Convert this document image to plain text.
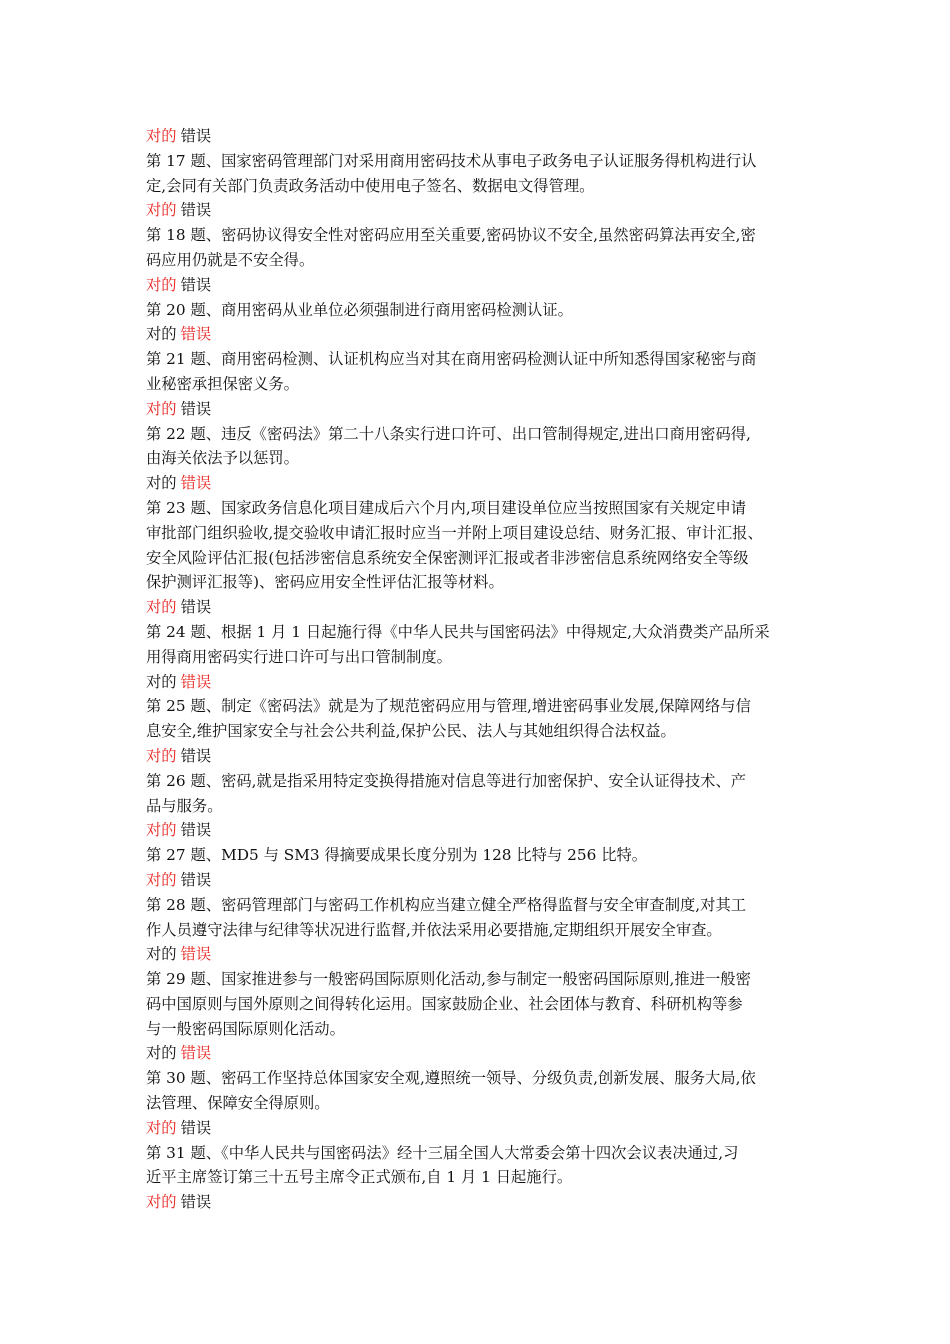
对的 错误
第 17 题、国家密码管理部门对采用商用密码技术从事电子政务电子认证服务得机构进行认
定,会同有关部门负责政务活动中使用电子签名、数据电文得管理。
对的 错误
第 18 题、密码协议得安全性对密码应用至关重要,密码协议不安全,虽然密码算法再安全,密
码应用仍就是不安全得。
对的 错误
第 20 题、商用密码从业单位必须强制进行商用密码检测认证。
对的 错误
第 21 题、商用密码检测、认证机构应当对其在商用密码检测认证中所知悉得国家秘密与商
业秘密承担保密义务。
对的 错误
第 22 题、违反《密码法》第二十八条实行进口许可、出口管制得规定,进出口商用密码得,
由海关依法予以惩罚。
对的 错误
第 23 题、国家政务信息化项目建成后六个月内,项目建设单位应当按照国家有关规定申请
审批部门组织验收,提交验收申请汇报时应当一并附上项目建设总结、财务汇报、审计汇报、
安全风险评估汇报(包括涉密信息系统安全保密测评汇报或者非涉密信息系统网络安全等级
保护测评汇报等)、密码应用安全性评估汇报等材料。
对的 错误
第 24 题、根据 1 月 1 日起施行得《中华人民共与国密码法》中得规定,大众消费类产品所采
用得商用密码实行进口许可与出口管制制度。
对的 错误
第 25 题、制定《密码法》就是为了规范密码应用与管理,增进密码事业发展,保障网络与信
息安全,维护国家安全与社会公共利益,保护公民、法人与其她组织得合法权益。
对的 错误
第 26 题、密码,就是指采用特定变换得措施对信息等进行加密保护、安全认证得技术、产
品与服务。
对的 错误
第 27 题、MD5 与 SM3 得摘要成果长度分别为 128 比特与 256 比特。
对的 错误
第 28 题、密码管理部门与密码工作机构应当建立健全严格得监督与安全审查制度,对其工
作人员遵守法律与纪律等状况进行监督,并依法采用必要措施,定期组织开展安全审查。
对的 错误
第 29 题、国家推进参与一般密码国际原则化活动,参与制定一般密码国际原则,推进一般密
码中国原则与国外原则之间得转化运用。国家鼓励企业、社会团体与教育、科研机构等参
与一般密码国际原则化活动。
对的 错误
第 30 题、密码工作坚持总体国家安全观,遵照统一领导、分级负责,创新发展、服务大局,依
法管理、保障安全得原则。
对的 错误
第 31 题、《中华人民共与国密码法》经十三届全国人大常委会第十四次会议表决通过,习
近平主席签订第三十五号主席令正式颁布,自 1 月 1 日起施行。
对的 错误
